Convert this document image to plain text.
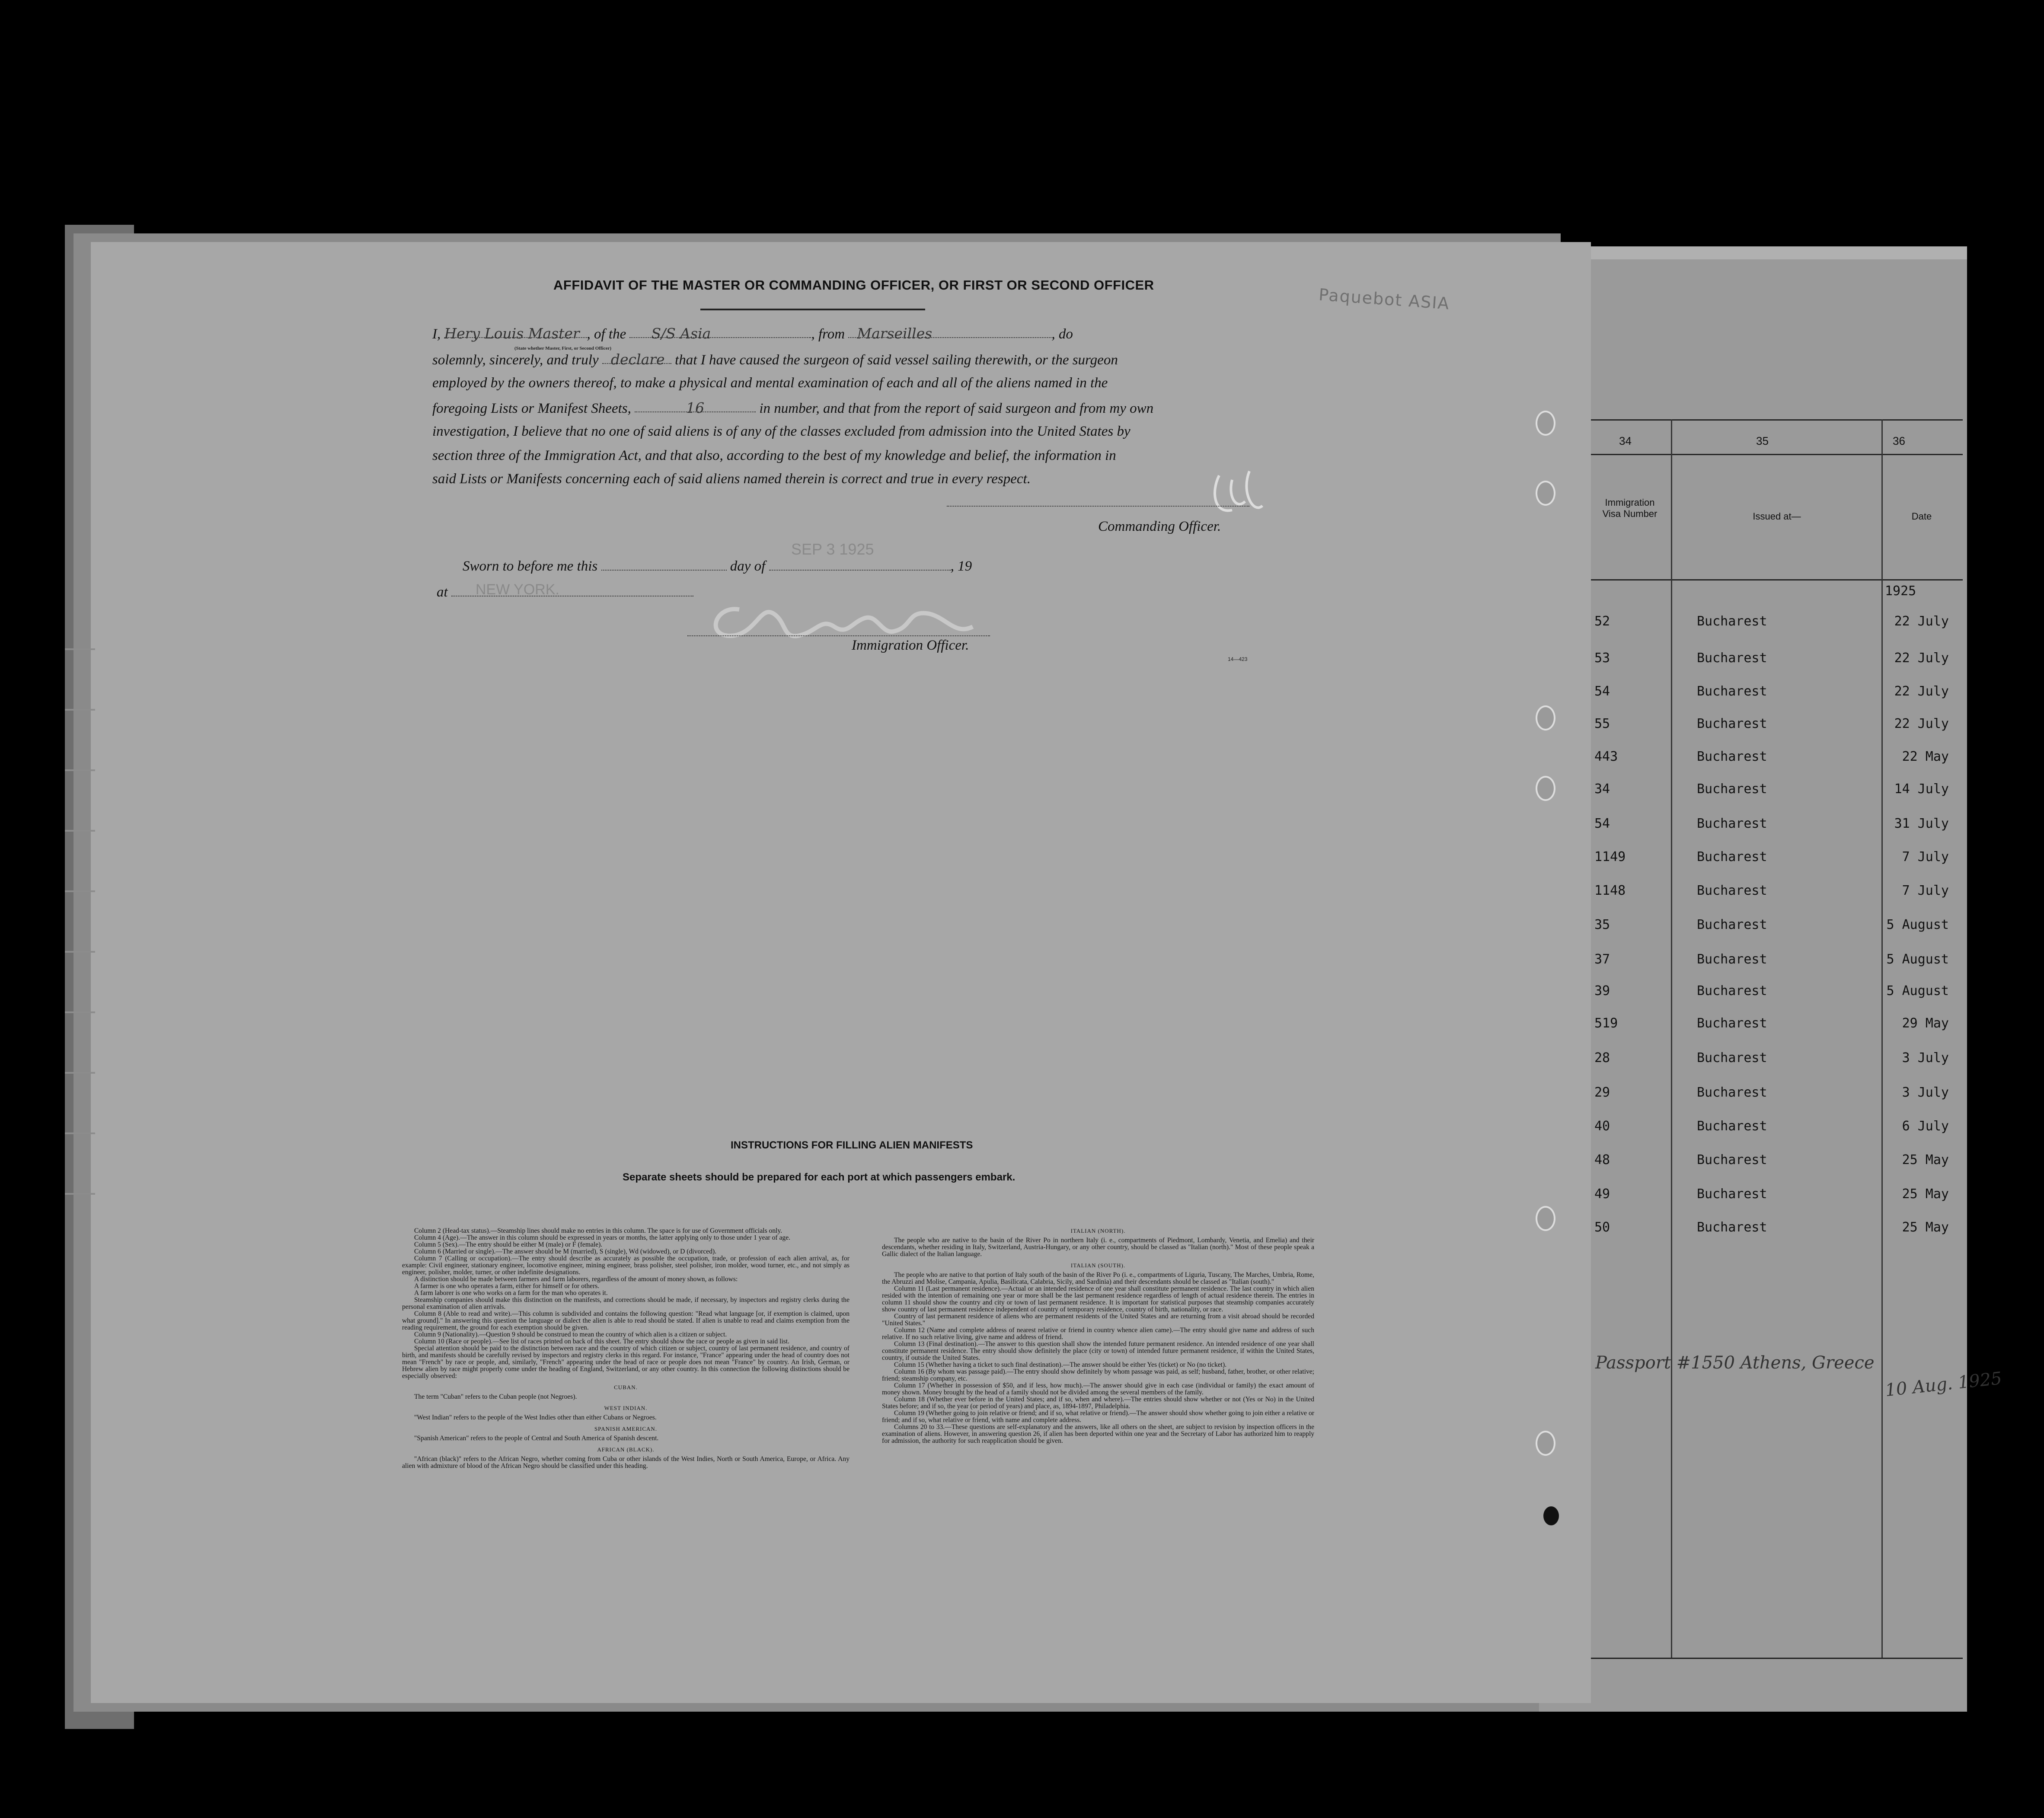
Paquebot ASIA
AFFIDAVIT OF THE MASTER OR COMMANDING OFFICER, OR FIRST OR SECOND OFFICER
I, Hery Louis Master , of the S/S Asia	, from Marseilles	, do
(State whether Master, First, or Second Officer)
solemnly, sincerely, and truly declare that I have caused the surgeon of said vessel sailing therewith, or the surgeon
employed by the owners thereof, to make a physical and mental examination of each and all of the aliens named in the
foregoing Lists or Manifest Sheets,	16	in number, and that from the report of said surgeon and from my own
investigation, I believe that no one of said aliens is of any of the classes excluded from admission into the United States by
section three of the Immigration Act, and that also, according to the best of my knowledge and belief, the information in
said Lists or Manifests concerning each of said aliens named therein is correct and true in every respect.
Commanding Officer.
Sworn to before me this	day of	, 19
SEP 3 1925
at	NEW YORK.
Immigration Officer.
14—423
INSTRUCTIONS FOR FILLING ALIEN MANIFESTS
Separate sheets should be prepared for each port at which passengers embark.

Column 2 (Head-tax status).—Steamship lines should make no entries in this column. The space is for use of Government officials only.

Column 4 (Age).—The answer in this column should be expressed in years or months, the latter applying only to those under 1 year of age.

Column 5 (Sex).—The entry should be either M (male) or F (female).

Column 6 (Married or single).—The answer should be M (married), S (single), Wd (widowed), or D (divorced).

Column 7 (Calling or occupation).—The entry should describe as accurately as possible the occupation, trade, or profession of each alien arrival, as, for example: Civil engineer, stationary engineer, locomotive engineer, mining engineer, brass polisher, steel polisher, iron molder, wood turner, etc., and not simply as engineer, polisher, molder, turner, or other indefinite designations.

A distinction should be made between farmers and farm laborers, regardless of the amount of money shown, as follows:

A farmer is one who operates a farm, either for himself or for others.

A farm laborer is one who works on a farm for the man who operates it.

Steamship companies should make this distinction on the manifests, and corrections should be made, if necessary, by inspectors and registry clerks during the personal examination of alien arrivals.

Column 8 (Able to read and write).—This column is subdivided and contains the following question: "Read what language [or, if exemption is claimed, upon what ground]." In answering this question the language or dialect the alien is able to read should be stated. If alien is unable to read and claims exemption from the reading requirement, the ground for each exemption should be given.

Column 9 (Nationality).—Question 9 should be construed to mean the country of which alien is a citizen or subject.

Column 10 (Race or people).—See list of races printed on back of this sheet. The entry should show the race or people as given in said list.

Special attention should be paid to the distinction between race and the country of which citizen or subject, country of last permanent residence, and country of birth, and manifests should be carefully revised by inspectors and registry clerks in this regard. For instance, "France" appearing under the head of country does not mean "French" by race or people, and, similarly, "French" appearing under the head of race or people does not mean "France" by country. An Irish, German, or Hebrew alien by race might properly come under the heading of England, Switzerland, or any other country. In this connection the following distinctions should be especially observed:

CUBAN.

The term "Cuban" refers to the Cuban people (not Negroes).

WEST INDIAN.

"West Indian" refers to the people of the West Indies other than either Cubans or Negroes.

SPANISH AMERICAN.

"Spanish American" refers to the people of Central and South America of Spanish descent.

AFRICAN (BLACK).

"African (black)" refers to the African Negro, whether coming from Cuba or other islands of the West Indies, North or South America, Europe, or Africa. Any alien with admixture of blood of the African Negro should be classified under this heading.

ITALIAN (NORTH).

The people who are native to the basin of the River Po in northern Italy (i. e., compartments of Piedmont, Lombardy, Venetia, and Emelia) and their descendants, whether residing in Italy, Switzerland, Austria-Hungary, or any other country, should be classed as "Italian (north)." Most of these people speak a Gallic dialect of the Italian language.

ITALIAN (SOUTH).

The people who are native to that portion of Italy south of the basin of the River Po (i. e., compartments of Liguria, Tuscany, The Marches, Umbria, Rome, the Abruzzi and Molise, Campania, Apulia, Basilicata, Calabria, Sicily, and Sardinia) and their descendants should be classed as "Italian (south)."

Column 11 (Last permanent residence).—Actual or an intended residence of one year shall constitute permanent residence. The last country in which alien resided with the intention of remaining one year or more shall be the last permanent residence regardless of length of actual residence therein. The entries in column 11 should show the country and city or town of last permanent residence. It is important for statistical purposes that steamship companies accurately show country of last permanent residence independent of country of temporary residence, country of birth, nationality, or race.

Country of last permanent residence of aliens who are permanent residents of the United States and are returning from a visit abroad should be recorded "United States."

Column 12 (Name and complete address of nearest relative or friend in country whence alien came).—The entry should give name and address of such relative. If no such relative living, give name and address of friend.

Column 13 (Final destination).—The answer to this question shall show the intended future permanent residence. An intended residence of one year shall constitute permanent residence. The entry should show definitely the place (city or town) of intended future permanent residence, if within the United States, country, if outside the United States.

Column 15 (Whether having a ticket to such final destination).—The answer should be either Yes (ticket) or No (no ticket).

Column 16 (By whom was passage paid).—The entry should show definitely by whom passage was paid, as self; husband, father, brother, or other relative; friend; steamship company, etc.

Column 17 (Whether in possession of $50, and if less, how much).—The answer should give in each case (individual or family) the exact amount of money shown. Money brought by the head of a family should not be divided among the several members of the family.

Column 18 (Whether ever before in the United States; and if so, when and where).—The entries should show whether or not (Yes or No) in the United States before; and if so, the year (or period of years) and place, as, 1894-1897, Philadelphia.

Column 19 (Whether going to join relative or friend; and if so, what relative or friend).—The answer should show whether going to join either a relative or friend; and if so, what relative or friend, with name and complete address.

Columns 20 to 33.—These questions are self-explanatory and the answers, like all others on the sheet, are subject to revision by inspection officers in the examination of aliens. However, in answering question 26, if alien has been deported within one year and the Secretary of Labor has authorized him to reapply for admission, the authority for such reapplication should be given.

34	35	36
Immigration Visa Number	Issued at—	Date
1925
52	Bucharest	22 July
53	Bucharest	22 July
54	Bucharest	22 July
55	Bucharest	22 July
443	Bucharest	22 May
34	Bucharest	14 July
54	Bucharest	31 July
1149	Bucharest	7 July
1148	Bucharest	7 July
35	Bucharest	5 August
37	Bucharest	5 August
39	Bucharest	5 August
519	Bucharest	29 May
28	Bucharest	3 July
29	Bucharest	3 July
40	Bucharest	6 July
48	Bucharest	25 May
49	Bucharest	25 May
50	Bucharest	25 May
Passport #1550 Athens, Greece
10 Aug. 1925
